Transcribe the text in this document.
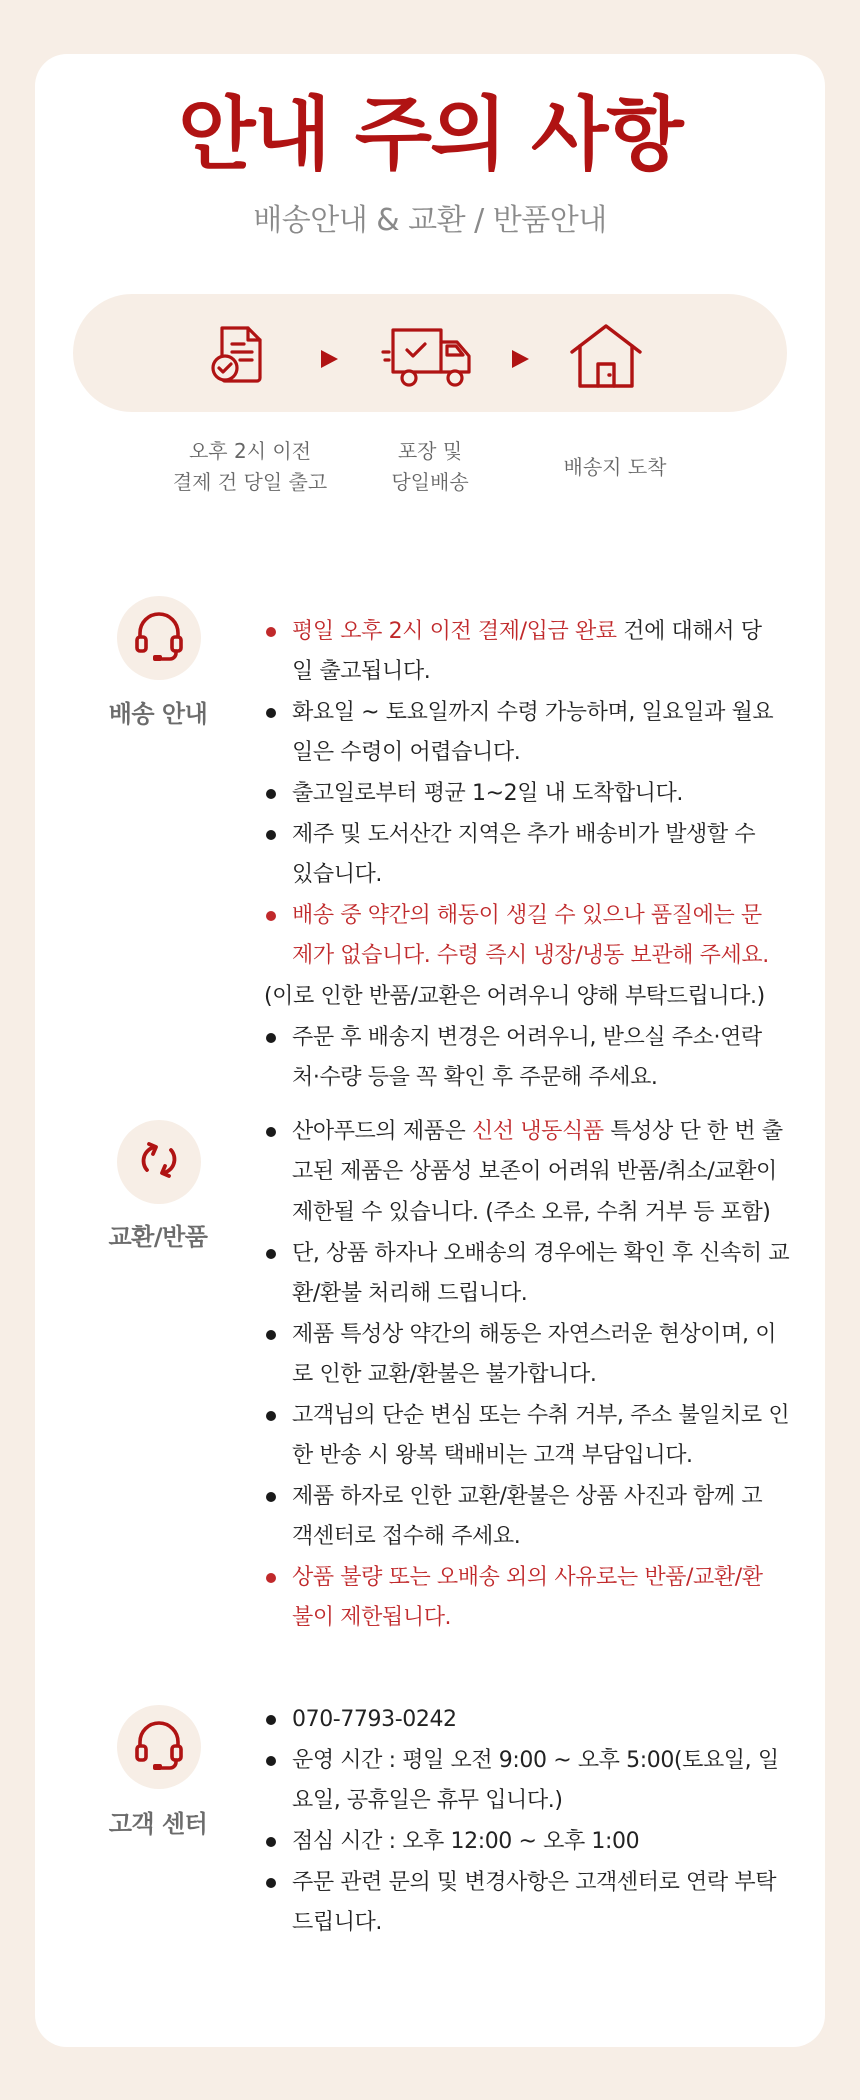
안내 주의 사항
배송안내 & 교환 / 반품안내
오후 2시 이전
결제 건 당일 출고
포장 및
당일배송
배송지 도착
배송 안내
평일 오후 2시 이전 결제/입금 완료 건에 대해서 당
일 출고됩니다.
화요일 ~ 토요일까지 수령 가능하며, 일요일과 월요
일은 수령이 어렵습니다.
출고일로부터 평균 1~2일 내 도착합니다.
제주 및 도서산간 지역은 추가 배송비가 발생할 수
있습니다.
배송 중 약간의 해동이 생길 수 있으나 품질에는 문
제가 없습니다. 수령 즉시 냉장/냉동 보관해 주세요.
(이로 인한 반품/교환은 어려우니 양해 부탁드립니다.)
주문 후 배송지 변경은 어려우니, 받으실 주소·연락
처·수량 등을 꼭 확인 후 주문해 주세요.
교환/반품
산아푸드의 제품은 신선 냉동식품 특성상 단 한 번 출
고된 제품은 상품성 보존이 어려워 반품/취소/교환이
제한될 수 있습니다. (주소 오류, 수취 거부 등 포함)
단, 상품 하자나 오배송의 경우에는 확인 후 신속히 교
환/환불 처리해 드립니다.
제품 특성상 약간의 해동은 자연스러운 현상이며, 이
로 인한 교환/환불은 불가합니다.
고객님의 단순 변심 또는 수취 거부, 주소 불일치로 인
한 반송 시 왕복 택배비는 고객 부담입니다.
제품 하자로 인한 교환/환불은 상품 사진과 함께 고
객센터로 접수해 주세요.
상품 불량 또는 오배송 외의 사유로는 반품/교환/환
불이 제한됩니다.
고객 센터
070-7793-0242
운영 시간 : 평일 오전 9:00 ~ 오후 5:00(토요일, 일
요일, 공휴일은 휴무 입니다.)
점심 시간 : 오후 12:00 ~ 오후 1:00
주문 관련 문의 및 변경사항은 고객센터로 연락 부탁
드립니다.
